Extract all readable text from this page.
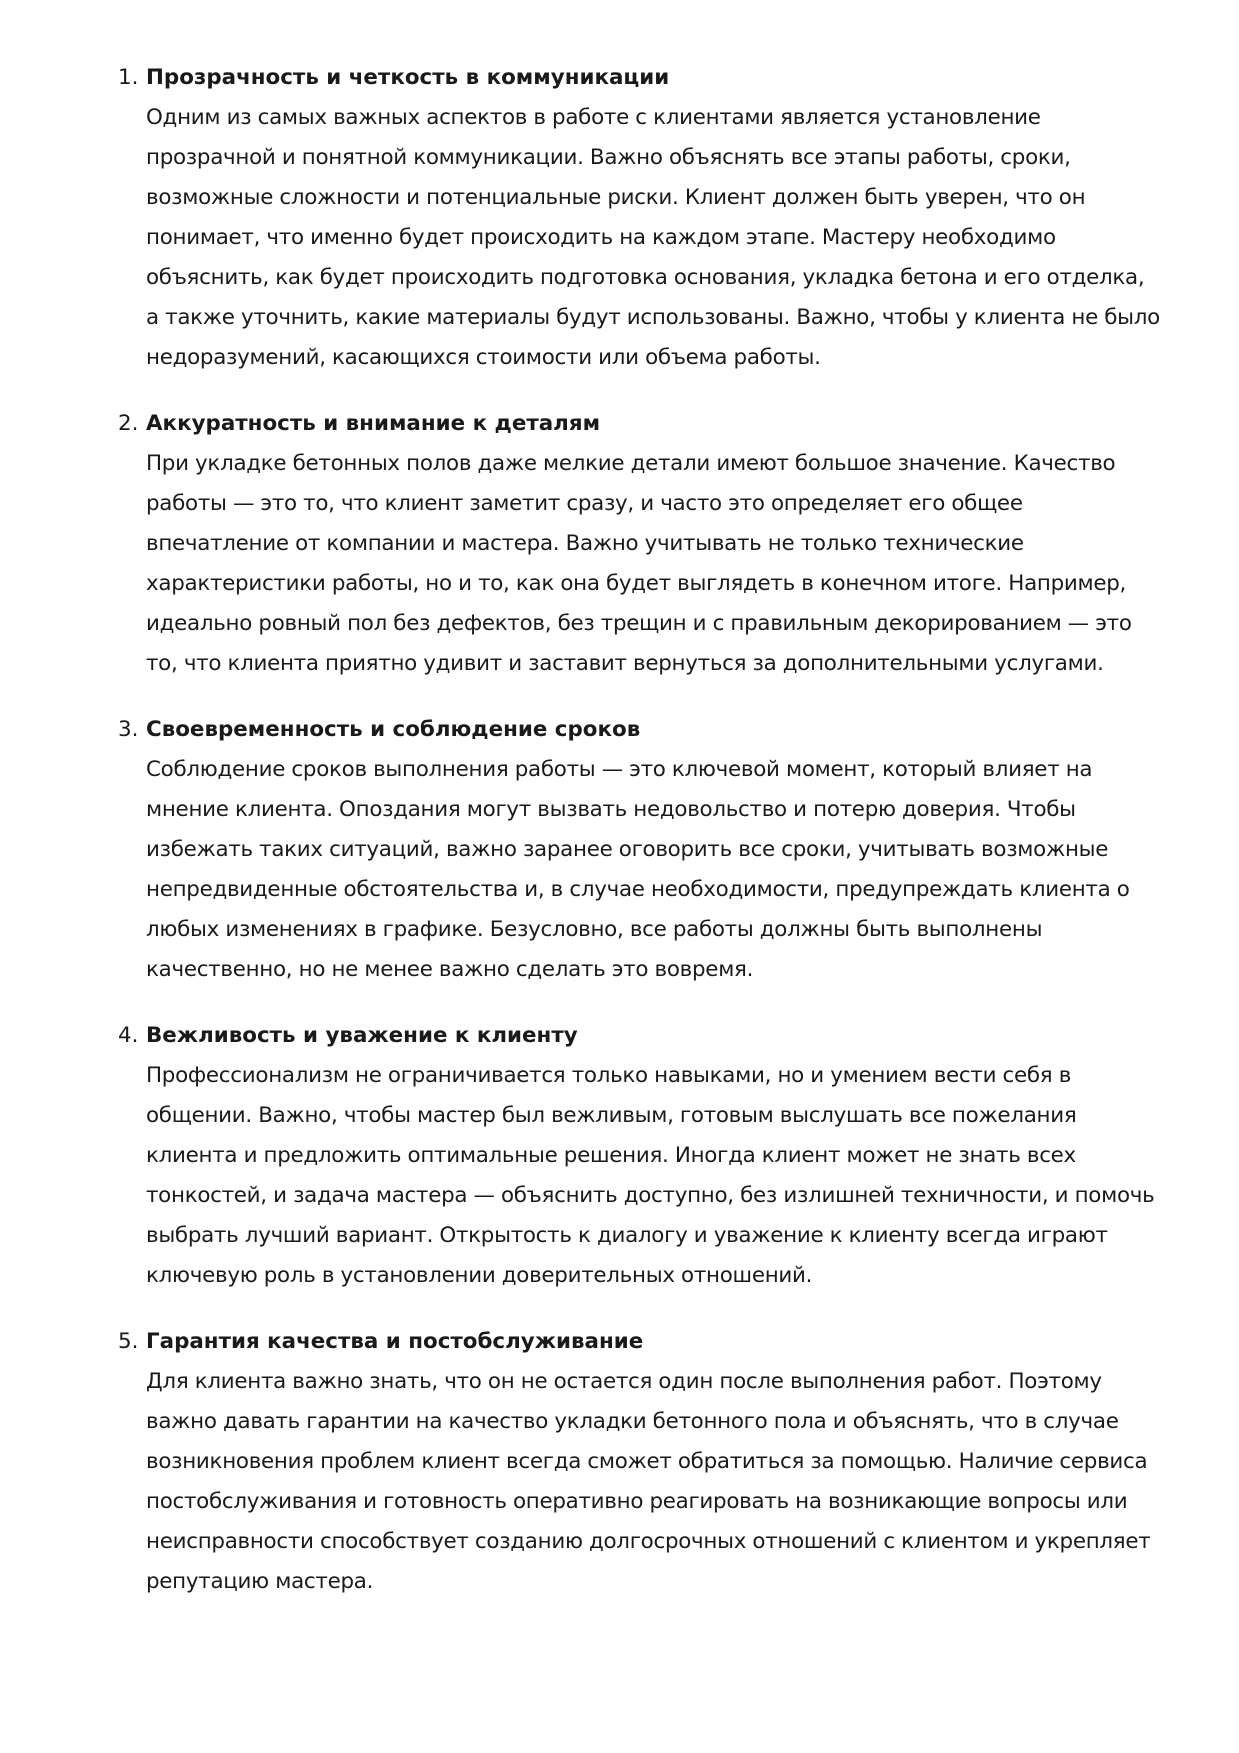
1. Прозрачность и четкость в коммуникации

Одним из самых важных аспектов в работе с клиентами является установление прозрачной и понятной коммуникации. Важно объяснять все этапы работы, сроки, возможные сложности и потенциальные риски. Клиент должен быть уверен, что он понимает, что именно будет происходить на каждом этапе. Мастеру необходимо объяснить, как будет происходить подготовка основания, укладка бетона и его отделка, а также уточнить, какие материалы будут использованы. Важно, чтобы у клиента не было недоразумений, касающихся стоимости или объема работы.

2. Аккуратность и внимание к деталям

При укладке бетонных полов даже мелкие детали имеют большое значение. Качество работы — это то, что клиент заметит сразу, и часто это определяет его общее впечатление от компании и мастера. Важно учитывать не только технические характеристики работы, но и то, как она будет выглядеть в конечном итоге. Например, идеально ровный пол без дефектов, без трещин и с правильным декорированием — это то, что клиента приятно удивит и заставит вернуться за дополнительными услугами.

3. Своевременность и соблюдение сроков

Соблюдение сроков выполнения работы — это ключевой момент, который влияет на мнение клиента. Опоздания могут вызвать недовольство и потерю доверия. Чтобы избежать таких ситуаций, важно заранее оговорить все сроки, учитывать возможные непредвиденные обстоятельства и, в случае необходимости, предупреждать клиента о любых изменениях в графике. Безусловно, все работы должны быть выполнены качественно, но не менее важно сделать это вовремя.

4. Вежливость и уважение к клиенту

Профессионализм не ограничивается только навыками, но и умением вести себя в общении. Важно, чтобы мастер был вежливым, готовым выслушать все пожелания клиента и предложить оптимальные решения. Иногда клиент может не знать всех тонкостей, и задача мастера — объяснить доступно, без излишней техничности, и помочь выбрать лучший вариант. Открытость к диалогу и уважение к клиенту всегда играют ключевую роль в установлении доверительных отношений.

5. Гарантия качества и постобслуживание

Для клиента важно знать, что он не остается один после выполнения работ. Поэтому важно давать гарантии на качество укладки бетонного пола и объяснять, что в случае возникновения проблем клиент всегда сможет обратиться за помощью. Наличие сервиса постобслуживания и готовность оперативно реагировать на возникающие вопросы или неисправности способствует созданию долгосрочных отношений с клиентом и укрепляет репутацию мастера.
